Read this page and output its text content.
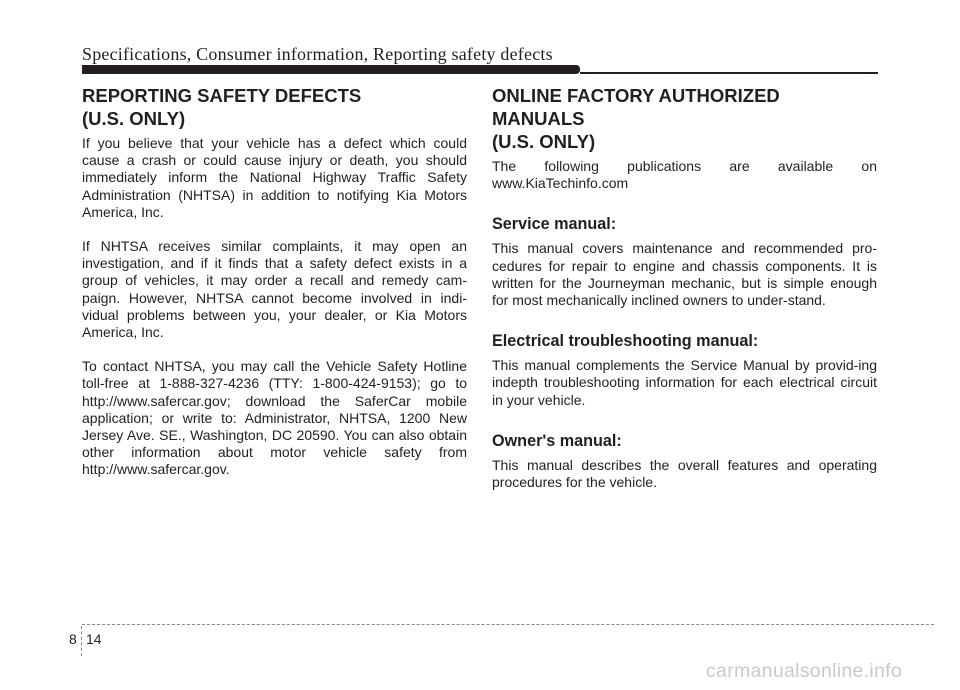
Specifications, Consumer information, Reporting safety defects
REPORTING SAFETY DEFECTS
(U.S. ONLY)

If you believe that your vehicle has a defect which could cause a crash or could cause injury or death, you should immediately inform the National Highway Traffic Safety Administration (NHTSA) in addition to notifying Kia Motors America, Inc.

If NHTSA receives similar complaints, it may open an investigation, and if it finds that a safety defect exists in a group of vehicles, it may order a recall and remedy cam-paign. However, NHTSA cannot become involved in indi-vidual problems between you, your dealer, or Kia Motors America, Inc.

To contact NHTSA, you may call the Vehicle Safety Hotline toll-free at 1-888-327-4236 (TTY: 1-800-424-9153); go to http://www.safercar.gov; download the SaferCar mobile application; or write to: Administrator, NHTSA, 1200 New Jersey Ave. SE., Washington, DC 20590. You can also obtain other information about motor vehicle safety from http://www.safercar.gov.

ONLINE FACTORY AUTHORIZED MANUALS
(U.S. ONLY)

The following publications are available on
www.KiaTechinfo.com

Service manual:

This manual covers maintenance and recommended pro-cedures for repair to engine and chassis components. It is written for the Journeyman mechanic, but is simple enough for most mechanically inclined owners to under-stand.

Electrical troubleshooting manual:

This manual complements the Service Manual by provid-ing indepth troubleshooting information for each electrical circuit in your vehicle.

Owner's manual:

This manual describes the overall features and operating procedures for the vehicle.

8 14
carmanualsonline.info
